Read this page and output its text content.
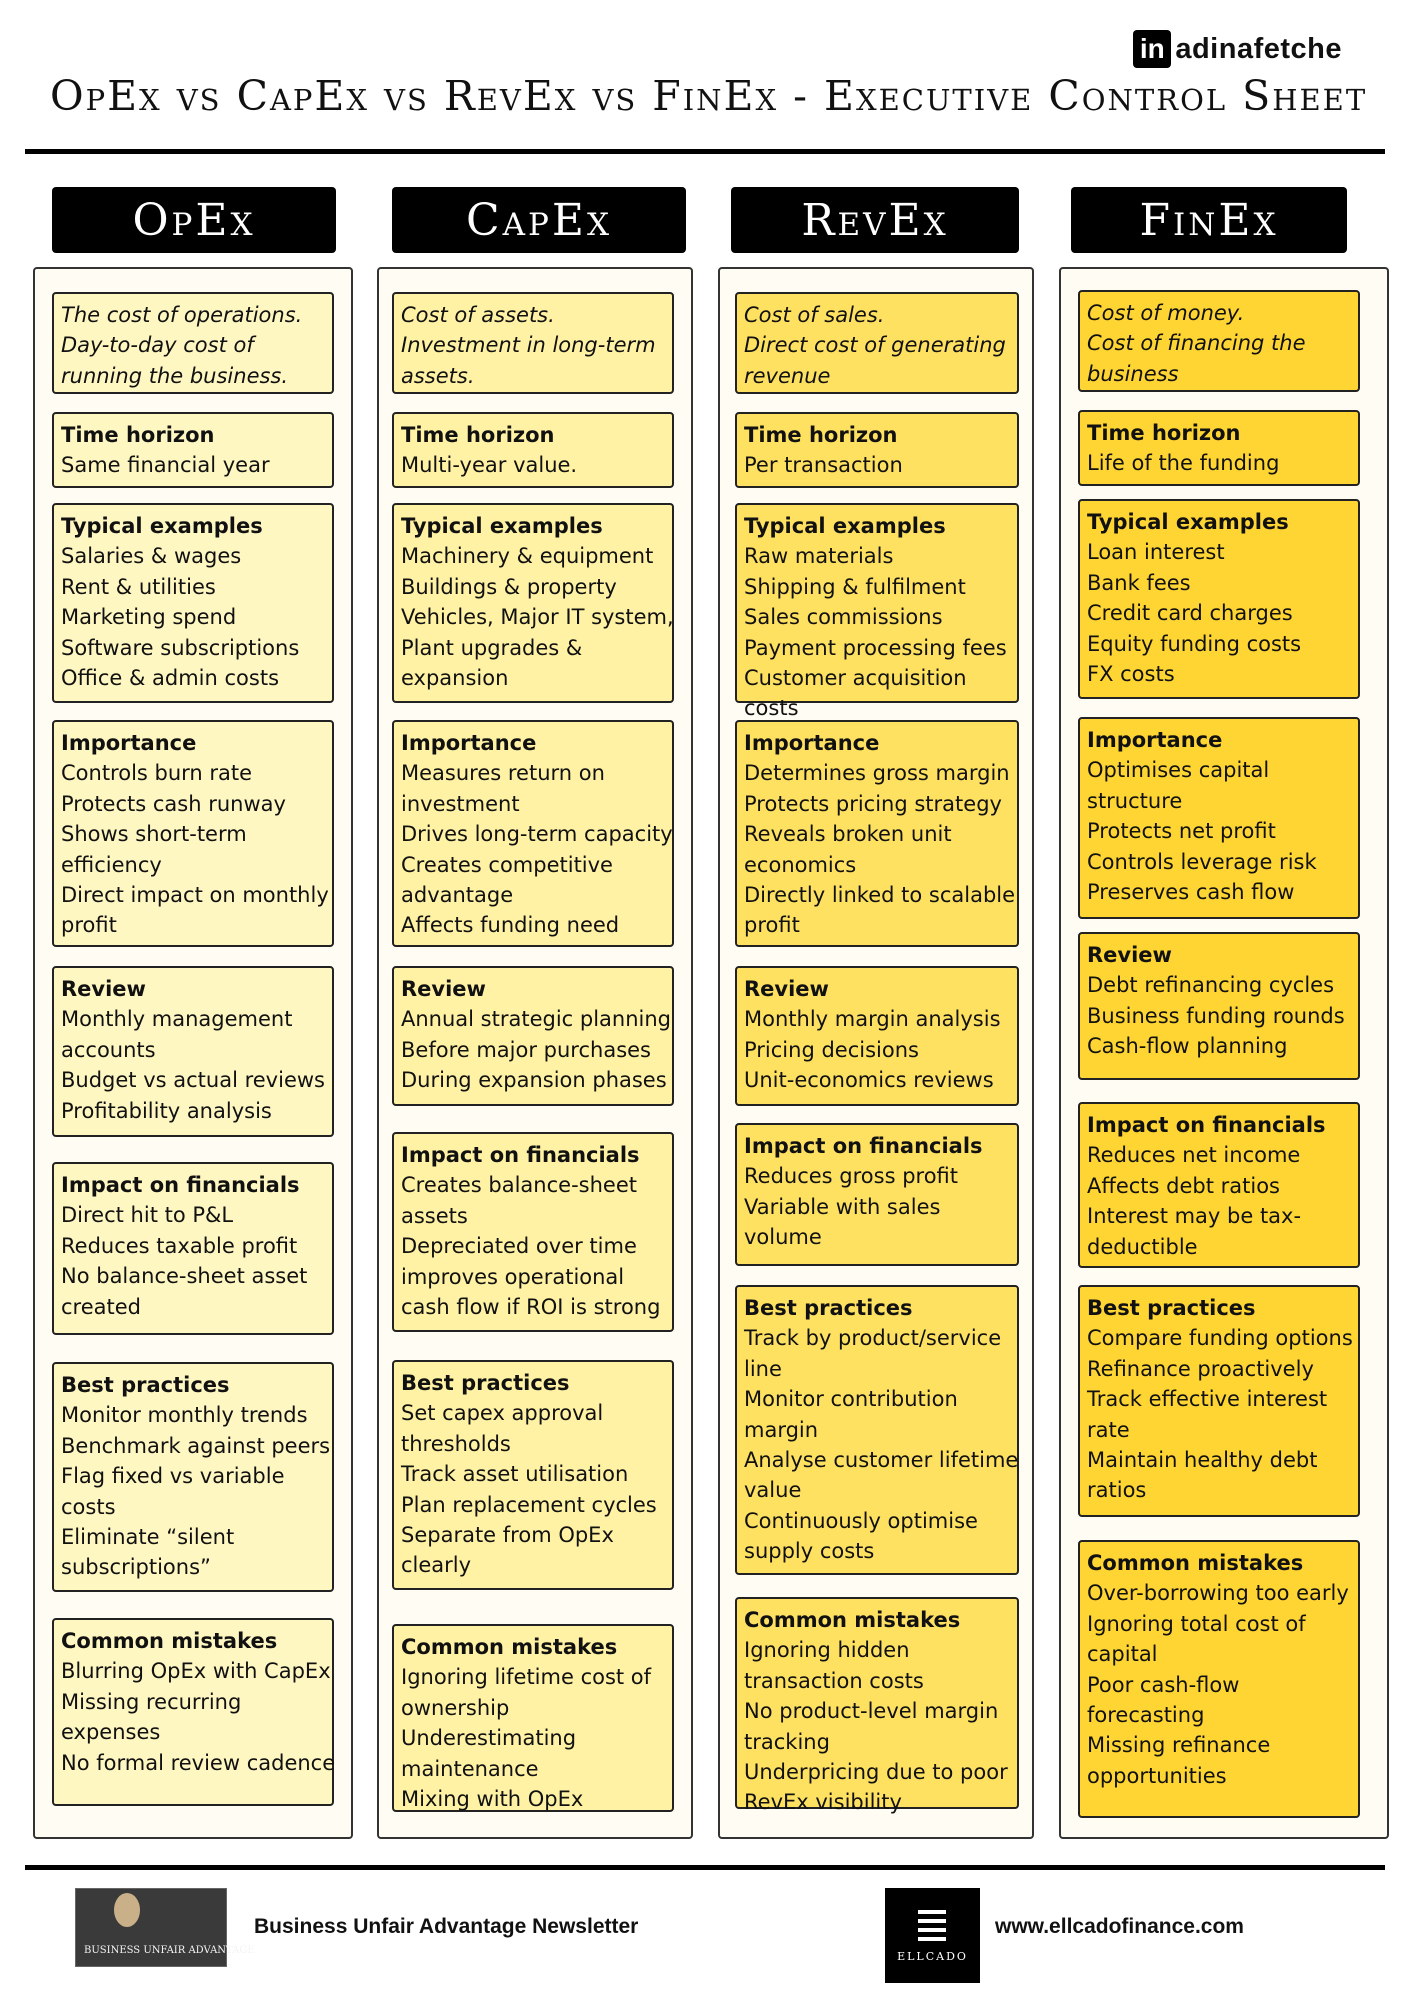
in adinafetche
OpEx vs CapEx vs RevEx vs FinEx - Executive Control Sheet
OpEx	CapEx	RevEx	FinEx
The cost of operations.
Day-to-day cost of
running the business.
Time horizon
Same financial year
Typical examples
Salaries & wages
Rent & utilities
Marketing spend
Software subscriptions
Office & admin costs
Importance
Controls burn rate
Protects cash runway
Shows short-term
efficiency
Direct impact on monthly
profit
Review
Monthly management
accounts
Budget vs actual reviews
Profitability analysis
Impact on financials
Direct hit to P&L
Reduces taxable profit
No balance-sheet asset
created
Best practices
Monitor monthly trends
Benchmark against peers
Flag fixed vs variable
costs
Eliminate “silent
subscriptions”
Common mistakes
Blurring OpEx with CapEx
Missing recurring
expenses
No formal review cadence
Cost of assets.
Investment in long-term
assets.
Time horizon
Multi-year value.
Typical examples
Machinery & equipment
Buildings & property
Vehicles, Major IT system,
Plant upgrades &
expansion
Importance
Measures return on
investment
Drives long-term capacity
Creates competitive
advantage
Affects funding need
Review
Annual strategic planning
Before major purchases
During expansion phases
Impact on financials
Creates balance-sheet
assets
Depreciated over time
improves operational
cash flow if ROI is strong
Best practices
Set capex approval
thresholds
Track asset utilisation
Plan replacement cycles
Separate from OpEx
clearly
Common mistakes
Ignoring lifetime cost of
ownership
Underestimating
maintenance
Mixing with OpEx
Cost of sales.
Direct cost of generating
revenue
Time horizon
Per transaction
Typical examples
Raw materials
Shipping & fulfilment
Sales commissions
Payment processing fees
Customer acquisition
costs
Importance
Determines gross margin
Protects pricing strategy
Reveals broken unit
economics
Directly linked to scalable
profit
Review
Monthly margin analysis
Pricing decisions
Unit-economics reviews
Impact on financials
Reduces gross profit
Variable with sales
volume
Best practices
Track by product/service
line
Monitor contribution
margin
Analyse customer lifetime
value
Continuously optimise
supply costs
Common mistakes
Ignoring hidden
transaction costs
No product-level margin
tracking
Underpricing due to poor
RevEx visibility
Cost of money.
Cost of financing the
business
Time horizon
Life of the funding
Typical examples
Loan interest
Bank fees
Credit card charges
Equity funding costs
FX costs
Importance
Optimises capital
structure
Protects net profit
Controls leverage risk
Preserves cash flow
Review
Debt refinancing cycles
Business funding rounds
Cash-flow planning
Impact on financials
Reduces net income
Affects debt ratios
Interest may be tax-
deductible
Best practices
Compare funding options
Refinance proactively
Track effective interest
rate
Maintain healthy debt
ratios
Common mistakes
Over-borrowing too early
Ignoring total cost of
capital
Poor cash-flow
forecasting
Missing refinance
opportunities
BUSINESS UNFAIR ADVANTAGE
Business Unfair Advantage Newsletter
ELLCADO
www.ellcadofinance.com
